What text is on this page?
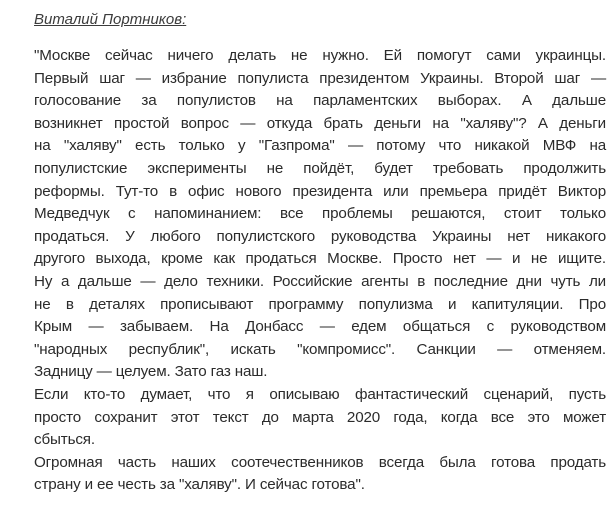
Виталий Портников:
"Москве сейчас ничего делать не нужно. Ей помогут сами украинцы.
Первый шаг — избрание популиста президентом Украины. Второй шаг —
голосование за популистов на парламентских выборах. А дальше
возникнет простой вопрос — откуда брать деньги на "халяву"? А деньги
на "халяву" есть только у "Газпрома" — потому что никакой МВФ на
популистские эксперименты не пойдёт, будет требовать продолжить
реформы. Тут-то в офис нового президента или премьера придёт Виктор
Медведчук с напоминанием: все проблемы решаются, стоит только
продаться. У любого популистского руководства Украины нет никакого
другого выхода, кроме как продаться Москве. Просто нет — и не ищите.
Ну а дальше — дело техники. Российские агенты в последние дни чуть ли
не в деталях прописывают программу популизма и капитуляции. Про
Крым — забываем. На Донбасс — едем общаться с руководством
"народных республик", искать "компромисс". Санкции — отменяем.
Задницу — целуем. Зато газ наш.
Если кто-то думает, что я описываю фантастический сценарий, пусть
просто сохранит этот текст до марта 2020 года, когда все это может
сбыться.
Огромная часть наших соотечественников всегда была готова продать
страну и ее честь за "халяву". И сейчас готова".
